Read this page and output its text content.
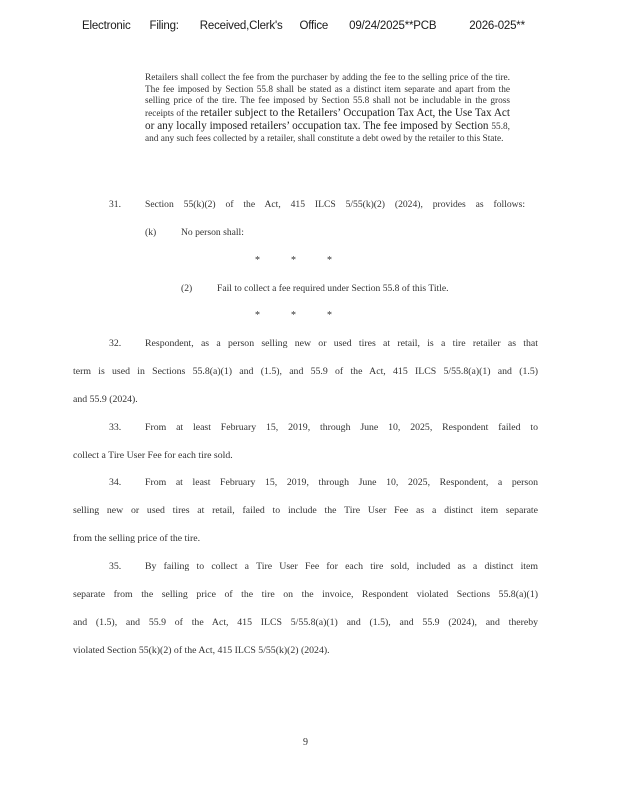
Electronic Filing: Received,Clerk's Office 09/24/2025**PCB	2026-025**
Retailers shall collect the fee from the purchaser by adding the fee to the selling price of the tire. The fee imposed by Section 55.8 shall be stated as a distinct item separate and apart from the selling price of the tire. The fee imposed by Section 55.8 shall not be includable in the gross receipts of the retailer subject to the Retailers’ Occupation Tax Act, the Use Tax Act or any locally imposed retailers’ occupation tax. The fee imposed by Section 55.8, and any such fees collected by a retailer, shall constitute a debt owed by the retailer to this State.
31.	Section 55(k)(2) of the Act, 415 ILCS 5/55(k)(2) (2024), provides as follows:
(k)	No person shall:
*	*	*
(2)	Fail to collect a fee required under Section 55.8 of this Title.
*	*	*
32. Respondent, as a person selling new or used tires at retail, is a tire retailer as that
term is used in Sections 55.8(a)(1) and (1.5), and 55.9 of the Act, 415 ILCS 5/55.8(a)(1) and (1.5)
and 55.9 (2024).
33. From at least February 15, 2019, through June 10, 2025, Respondent failed to
collect a Tire User Fee for each tire sold.
34. From at least February 15, 2019, through June 10, 2025, Respondent, a person
selling new or used tires at retail, failed to include the Tire User Fee as a distinct item separate
from the selling price of the tire.
35. By failing to collect a Tire User Fee for each tire sold, included as a distinct item
separate from the selling price of the tire on the invoice, Respondent violated Sections 55.8(a)(1)
and (1.5), and 55.9 of the Act, 415 ILCS 5/55.8(a)(1) and (1.5), and 55.9 (2024), and thereby
violated Section 55(k)(2) of the Act, 415 ILCS 5/55(k)(2) (2024).
9
